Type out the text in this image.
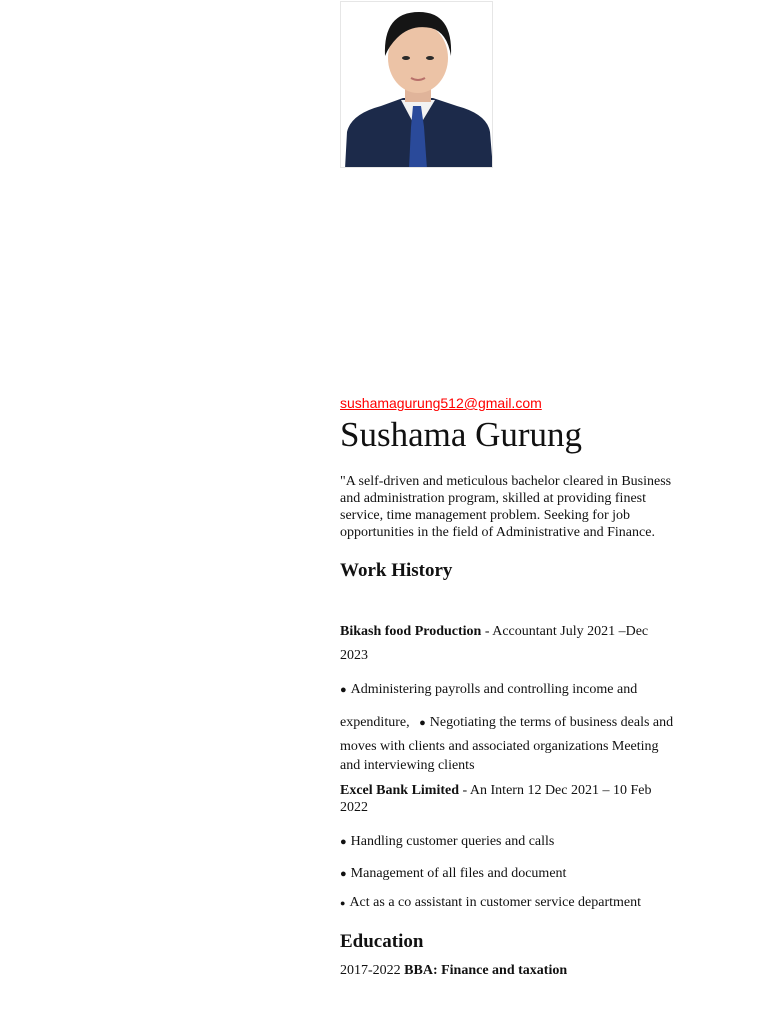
sushamagurung512@gmail.com
Sushama Gurung
"A self-driven and meticulous bachelor cleared in Business
and administration program, skilled at providing finest
service, time management problem. Seeking for job
opportunities in the field of Administrative and Finance.
Work History
Bikash food Production - Accountant July 2021 –Dec
2023
● Administering payrolls and controlling income and
expenditure, ● Negotiating the terms of business deals and
moves with clients and associated organizations Meeting
and interviewing clients
Excel Bank Limited - An Intern 12 Dec 2021 – 10 Feb
2022
● Handling customer queries and calls
● Management of all files and document
● Act as a co assistant in customer service department
Education
2017-2022 BBA: Finance and taxation
